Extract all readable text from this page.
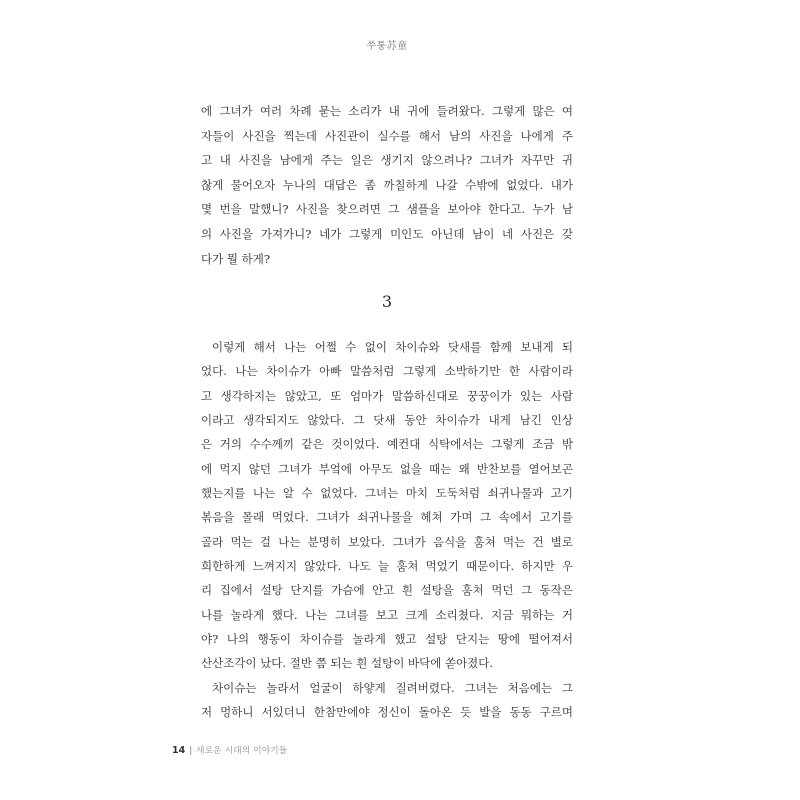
쑤퉁苏童
에 그녀가 여러 차례 묻는 소리가 내 귀에 들려왔다. 그렇게 많은 여
자들이 사진을 찍는데 사진관이 실수를 해서 남의 사진을 나에게 주
고 내 사진을 남에게 주는 일은 생기지 않으려나? 그녀가 자꾸만 귀
찮게 물어오자 누나의 대답은 좀 까칠하게 나갈 수밖에 없었다. 내가
몇 번을 말했니? 사진을 찾으려면 그 샘플을 보아야 한다고. 누가 남
의 사진을 가져가니? 네가 그렇게 미인도 아닌데 남이 네 사진은 갖
다가 뭘 하게?
3
이렇게 해서 나는 어쩔 수 없이 차이슈와 닷새를 함께 보내게 되
었다. 나는 차이슈가 아빠 말씀처럼 그렇게 소박하기만 한 사람이라
고 생각하지는 않았고, 또 엄마가 말씀하신대로 꿍꿍이가 있는 사람
이라고 생각되지도 않았다. 그 닷새 동안 차이슈가 내게 남긴 인상
은 거의 수수께끼 같은 것이었다. 예컨대 식탁에서는 그렇게 조금 밖
에 먹지 않던 그녀가 부엌에 아무도 없을 때는 왜 반찬보를 열어보곤
했는지를 나는 알 수 없었다. 그녀는 마치 도둑처럼 쇠귀나물과 고기
볶음을 몰래 먹었다. 그녀가 쇠귀나물을 헤쳐 가며 그 속에서 고기를
골라 먹는 걸 나는 분명히 보았다. 그녀가 음식을 훔쳐 먹는 건 별로
희한하게 느껴지지 않았다. 나도 늘 훔쳐 먹었기 때문이다. 하지만 우
리 집에서 설탕 단지를 가슴에 안고 흰 설탕을 훔쳐 먹던 그 동작은
나를 놀라게 했다. 나는 그녀를 보고 크게 소리쳤다. 지금 뭐하는 거
야? 나의 행동이 차이슈를 놀라게 했고 설탕 단지는 땅에 떨어져서
산산조각이 났다. 절반 쯤 되는 흰 설탕이 바닥에 쏟아졌다.
차이슈는 놀라서 얼굴이 하얗게 질려버렸다. 그녀는 처음에는 그
저 멍하니 서있더니 한참만에야 정신이 돌아온 듯 발을 동동 구르며
14 | 새로운 시대의 이야기들
